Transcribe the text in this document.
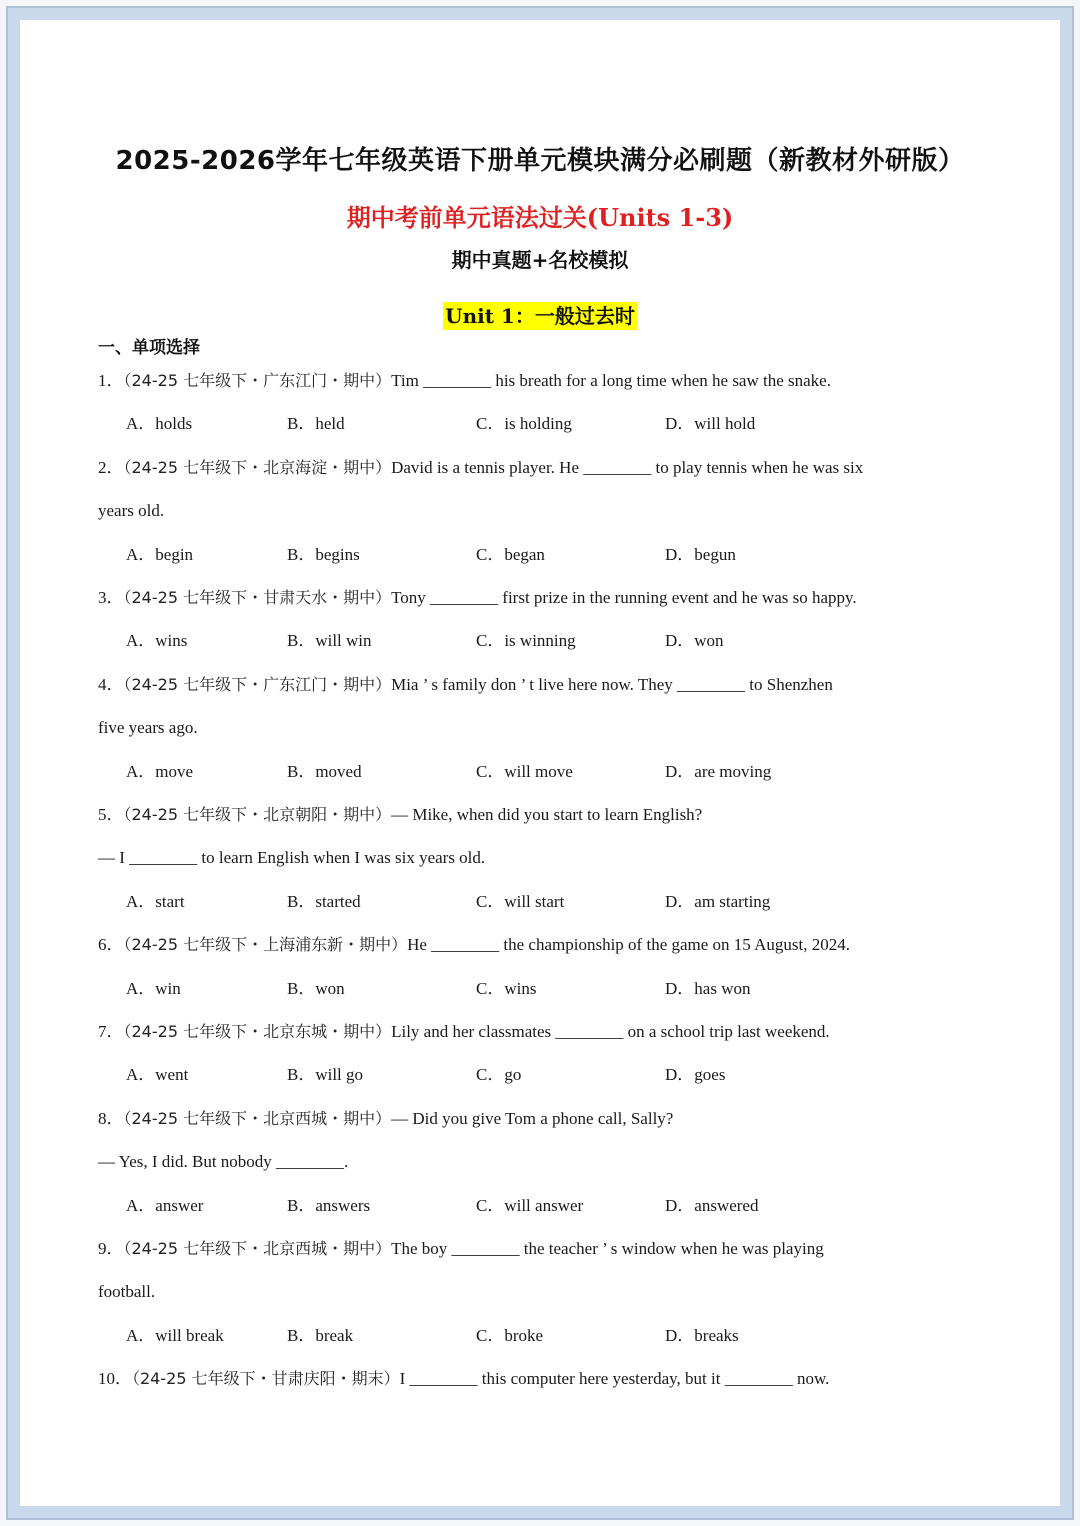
2025-2026学年七年级英语下册单元模块满分必刷题（新教材外研版）
期中考前单元语法过关(Units 1-3)
期中真题+名校模拟
Unit 1：一般过去时
一、单项选择
1．（24-25 七年级下・广东江门・期中）Tim ________ his breath for a long time when he saw the snake.
A．holds	B．held	C．is holding	D．will hold
2．（24-25 七年级下・北京海淀・期中）David is a tennis player. He ________ to play tennis when he was six
years old.
A．begin	B．begins	C．began	D．begun
3．（24-25 七年级下・甘肃天水・期中）Tony ________ first prize in the running event and he was so happy.
A．wins	B．will win	C．is winning	D．won
4．（24-25 七年级下・广东江门・期中）Mia ’ s family don ’ t live here now. They ________ to Shenzhen
five years ago.
A．move	B．moved	C．will move	D．are moving
5．（24-25 七年级下・北京朝阳・期中）— Mike, when did you start to learn English?
— I ________ to learn English when I was six years old.
A．start	B．started	C．will start	D．am starting
6．（24-25 七年级下・上海浦东新・期中）He ________ the championship of the game on 15 August, 2024.
A．win	B．won	C．wins	D．has won
7．（24-25 七年级下・北京东城・期中）Lily and her classmates ________ on a school trip last weekend.
A．went	B．will go	C．go	D．goes
8．（24-25 七年级下・北京西城・期中）— Did you give Tom a phone call, Sally?
— Yes, I did. But nobody ________.
A．answer	B．answers	C．will answer	D．answered
9．（24-25 七年级下・北京西城・期中）The boy ________ the teacher ’ s window when he was playing
football.
A．will break	B．break	C．broke	D．breaks
10．（24-25 七年级下・甘肃庆阳・期末）I ________ this computer here yesterday, but it ________ now.
